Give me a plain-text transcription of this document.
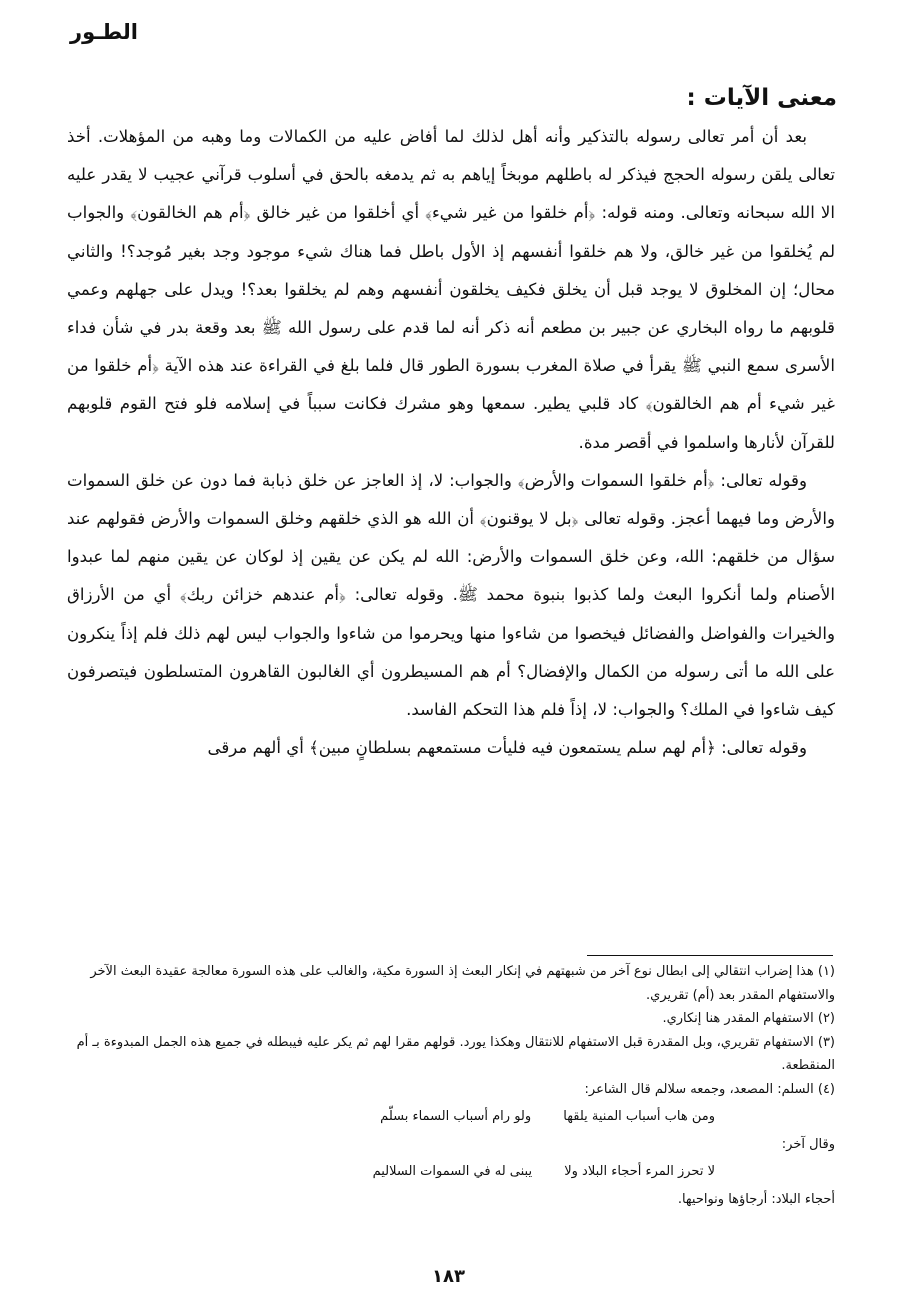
الطـور
معنى الآيات :

بعد أن أمر تعالى رسوله بالتذكير وأنه أهل لذلك لما أفاض عليه من الكمالات وما وهبه من المؤهلات. أخذ تعالى يلقن رسوله الحجج فيذكر له باطلهم موبخاً إياهم به ثم يدمغه بالحق في أسلوب قرآني عجيب لا يقدر عليه الا الله سبحانه وتعالى. ومنه قوله: ﴿أم خلقوا من غير شيء﴾ أي أخلقوا من غير خالق ﴿أم هم الخالقون﴾ والجواب لم يُخلقوا من غير خالق، ولا هم خلقوا أنفسهم إذ الأول باطل فما هناك شيء موجود وجد بغير مُوجد؟! والثاني محال؛ إن المخلوق لا يوجد قبل أن يخلق فكيف يخلقون أنفسهم وهم لم يخلقوا بعد؟! ويدل على جهلهم وعمي قلوبهم ما رواه البخاري عن جبير بن مطعم أنه ذكر أنه لما قدم على رسول الله ﷺ بعد وقعة بدر في شأن فداء الأسرى سمع النبي ﷺ يقرأ في صلاة المغرب بسورة الطور قال فلما بلغ في القراءة عند هذه الآية ﴿أم خلقوا من غير شيء أم هم الخالقون﴾ كاد قلبي يطير. سمعها وهو مشرك فكانت سبباً في إسلامه فلو فتح القوم قلوبهم للقرآن لأنارها واسلموا في أقصر مدة.

وقوله تعالى: ﴿أم خلقوا السموات والأرض﴾ والجواب: لا، إذ العاجز عن خلق ذبابة فما دون عن خلق السموات والأرض وما فيهما أعجز. وقوله تعالى ﴿بل لا يوقنون﴾ أن الله هو الذي خلقهم وخلق السموات والأرض فقولهم عند سؤال من خلقهم: الله، وعن خلق السموات والأرض: الله لم يكن عن يقين إذ لوكان عن يقين منهم لما عبدوا الأصنام ولما أنكروا البعث ولما كذبوا بنبوة محمد ﷺ. وقوله تعالى: ﴿أم عندهم خزائن ربك﴾ أي من الأرزاق والخيرات والفواضل والفضائل فيخصوا من شاءوا منها ويحرموا من شاءوا والجواب ليس لهم ذلك فلم إذاً ينكرون على الله ما أتى رسوله من الكمال والإفضال؟ أم هم المسيطرون أي الغالبون القاهرون المتسلطون فيتصرفون كيف شاءوا في الملك؟ والجواب: لا، إذاً فلم هذا التحكم الفاسد.

وقوله تعالى: ﴿أم لهم سلم يستمعون فيه فليأت مستمعهم بسلطانٍ مبين﴾ أي ألهم مرقى

(١) هذا إضراب انتقالي إلى ابطال نوع آخر من شبهتهم في إنكار البعث إذ السورة مكية، والغالب على هذه السورة معالجة عقيدة البعث الآخر والاستفهام المقدر بعد (أم) تقريري.

(٢) الاستفهام المقدر هنا إنكاري.

(٣) الاستفهام تقريري، وبل المقدرة قبل الاستفهام للانتقال وهكذا يورد. قولهم مقرا لهم ثم يكر عليه فيبطله في جميع هذه الجمل المبدوءة بـ أم المنقطعة.

(٤) السلم: المصعد، وجمعه سلالم قال الشاعر:

ومن هاب أسباب المنية يلقها ولو رام أسباب السماء بسلّم

وقال آخر:

لا تحرز المرء أحجاء البلاد ولا يبنى له في السموات السلاليم

أحجاء البلاد: أرجاؤها ونواحيها.

١٨٣
